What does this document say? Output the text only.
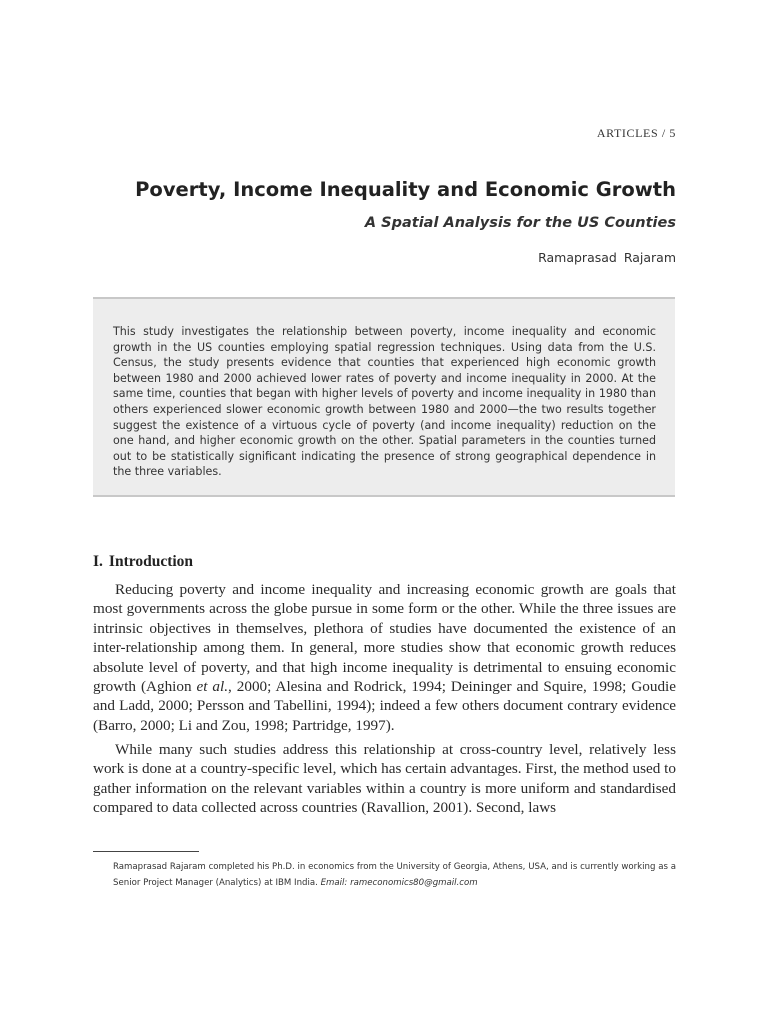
ARTICLES / 5
Poverty, Income Inequality and Economic Growth
A Spatial Analysis for the US Counties

Ramaprasad Rajaram

This study investigates the relationship between poverty, income inequality and economic growth in the US counties employing spatial regression techniques. Using data from the U.S. Census, the study presents evidence that counties that experienced high economic growth between 1980 and 2000 achieved lower rates of poverty and income inequality in 2000. At the same time, counties that began with higher levels of poverty and income inequality in 1980 than others experienced slower economic growth between 1980 and 2000—the two results together suggest the existence of a virtuous cycle of poverty (and income inequality) reduction on the one hand, and higher economic growth on the other. Spatial parameters in the counties turned out to be statistically significant indicating the presence of strong geographical dependence in the three variables.

I. Introduction

Reducing poverty and income inequality and increasing economic growth are goals that most governments across the globe pursue in some form or the other. While the three issues are intrinsic objectives in themselves, plethora of studies have documented the existence of an inter-relationship among them. In general, more studies show that economic growth reduces absolute level of poverty, and that high income inequality is detrimental to ensuing economic growth (Aghion et al., 2000; Alesina and Rodrick, 1994; Deininger and Squire, 1998; Goudie and Ladd, 2000; Persson and Tabellini, 1994); indeed a few others document contrary evidence (Barro, 2000; Li and Zou, 1998; Partridge, 1997).

While many such studies address this relationship at cross-country level, relatively less work is done at a country-specific level, which has certain advantages. First, the method used to gather information on the relevant variables within a country is more uniform and standardised compared to data collected across countries (Ravallion, 2001). Second, laws

Ramaprasad Rajaram completed his Ph.D. in economics from the University of Georgia, Athens, USA, and is currently working as a Senior Project Manager (Analytics) at IBM India. Email: rameconomics80@gmail.com
